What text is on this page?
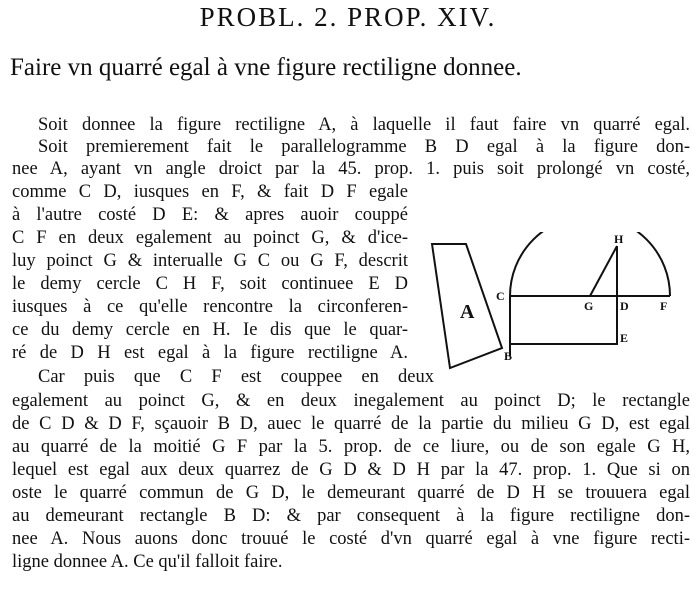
PROBL. 2. PROP. XIV.
Faire vn quarré egal à vne figure rectiligne donnee.
Soit donnee la figure rectiligne A, à laquelle il faut faire vn quarré egal.
Soit premierement fait le parallelogramme B D egal à la figure don-
nee A, ayant vn angle droict par la 45. prop. 1. puis soit prolongé vn costé,
comme C D, iusques en F, & fait D F egale
à l'autre costé D E: & apres auoir couppé
C F en deux egalement au poinct G, & d'ice-
luy poinct G & interualle G C ou G F, descrit
le demy cercle C H F, soit continuee E D
iusques à ce qu'elle rencontre la circonferen-
ce du demy cercle en H. Ie dis que le quar-
ré de D H est egal à la figure rectiligne A.
Car puis que C F est couppee en deux
egalement au poinct G, & en deux inegalement au poinct D; le rectangle
de C D & D F, sçauoir B D, auec le quarré de la partie du milieu G D, est egal
au quarré de la moitié G F par la 5. prop. de ce liure, ou de son egale G H,
lequel est egal aux deux quarrez de G D & D H par la 47. prop. 1. Que si on
oste le quarré commun de G D, le demeurant quarré de D H se trouuera egal
au demeurant rectangle B D: & par consequent à la figure rectiligne don-
nee A. Nous auons donc trouué le costé d'vn quarré egal à vne figure recti-
ligne donnee A. Ce qu'il falloit faire.
A
B
C
D
E
F
G
H
